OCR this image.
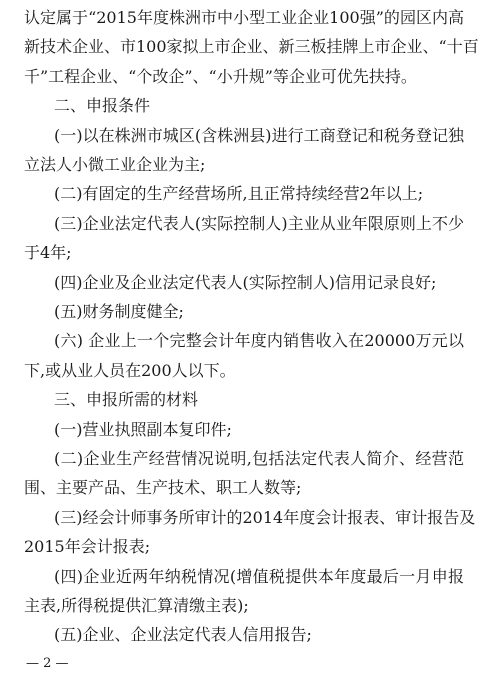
认定属于“2015年度株洲市中小型工业企业100强”的园区内高
新技术企业、市100家拟上市企业、新三板挂牌上市企业、“十百
千”工程企业、“个改企”、“小升规”等企业可优先扶持。
二、申报条件
(一)以在株洲市城区(含株洲县)进行工商登记和税务登记独
立法人小微工业企业为主;
(二)有固定的生产经营场所,且正常持续经营2年以上;
(三)企业法定代表人(实际控制人)主业从业年限原则上不少
于4年;
(四)企业及企业法定代表人(实际控制人)信用记录良好;
(五)财务制度健全;
(六) 企业上一个完整会计年度内销售收入在20000万元以
下,或从业人员在200人以下。
三、申报所需的材料
(一)营业执照副本复印件;
(二)企业生产经营情况说明,包括法定代表人简介、经营范
围、主要产品、生产技术、职工人数等;
(三)经会计师事务所审计的2014年度会计报表、审计报告及
2015年会计报表;
(四)企业近两年纳税情况(增值税提供本年度最后一月申报
主表,所得税提供汇算清缴主表);
(五)企业、企业法定代表人信用报告;
— 2 —
